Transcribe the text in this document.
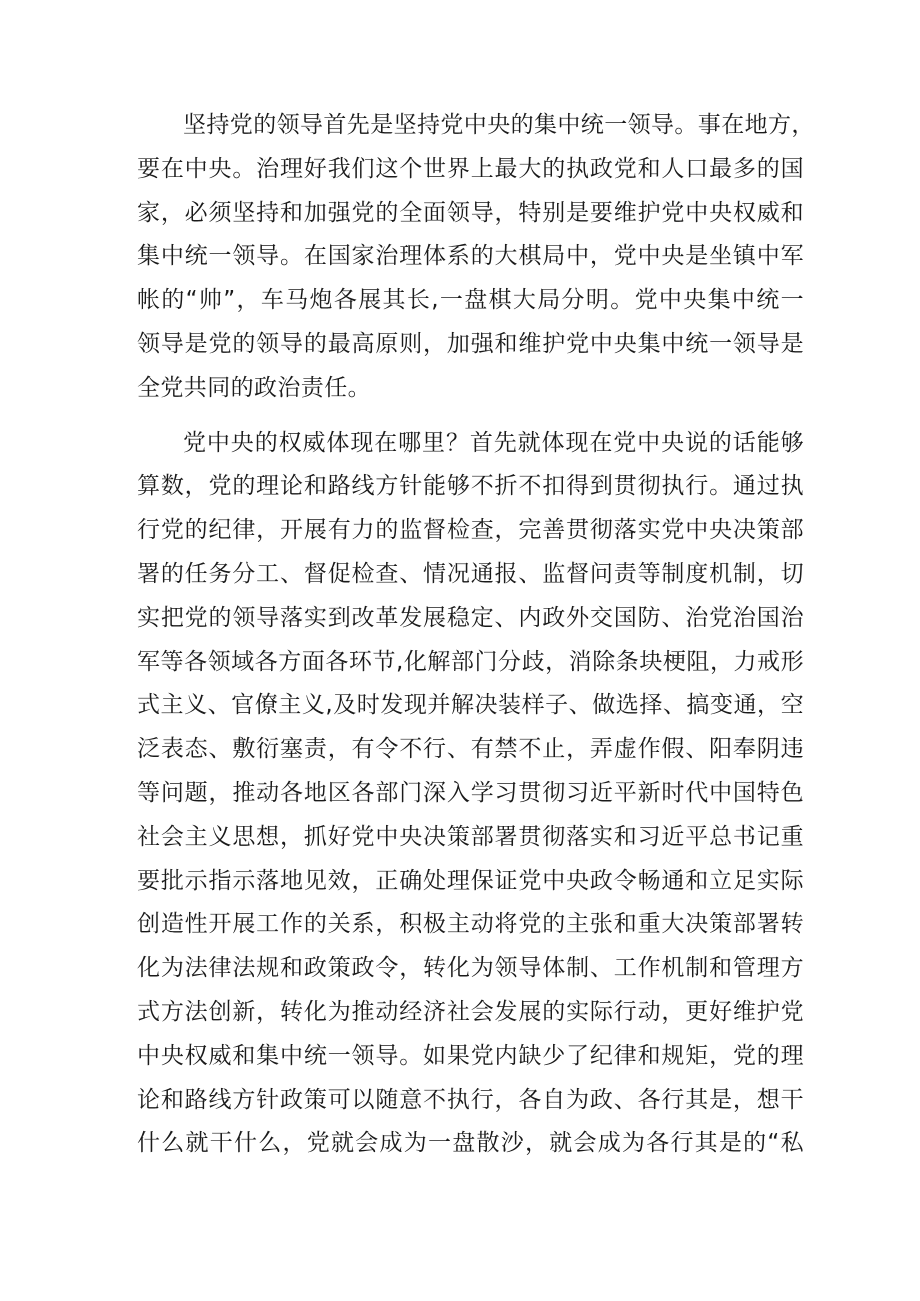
坚持党的领导首先是坚持党中央的集中统一领导。事在地方，
要在中央。治理好我们这个世界上最大的执政党和人口最多的国
家，必须坚持和加强党的全面领导，特别是要维护党中央权威和
集中统一领导。在国家治理体系的大棋局中，党中央是坐镇中军
帐的“帅”，车马炮各展其长,一盘棋大局分明。党中央集中统一
领导是党的领导的最高原则，加强和维护党中央集中统一领导是
全党共同的政治责任。

党中央的权威体现在哪里？首先就体现在党中央说的话能够
算数，党的理论和路线方针能够不折不扣得到贯彻执行。通过执
行党的纪律，开展有力的监督检查，完善贯彻落实党中央决策部
署的任务分工、督促检查、情况通报、监督问责等制度机制，切
实把党的领导落实到改革发展稳定、内政外交国防、治党治国治
军等各领域各方面各环节,化解部门分歧，消除条块梗阻，力戒形
式主义、官僚主义,及时发现并解决装样子、做选择、搞变通，空
泛表态、敷衍塞责，有令不行、有禁不止，弄虚作假、阳奉阴违
等问题，推动各地区各部门深入学习贯彻习近平新时代中国特色
社会主义思想，抓好党中央决策部署贯彻落实和习近平总书记重
要批示指示落地见效，正确处理保证党中央政令畅通和立足实际
创造性开展工作的关系，积极主动将党的主张和重大决策部署转
化为法律法规和政策政令，转化为领导体制、工作机制和管理方
式方法创新，转化为推动经济社会发展的实际行动，更好维护党
中央权威和集中统一领导。如果党内缺少了纪律和规矩，党的理
论和路线方针政策可以随意不执行，各自为政、各行其是，想干
什么就干什么，党就会成为一盘散沙，就会成为各行其是的“私
